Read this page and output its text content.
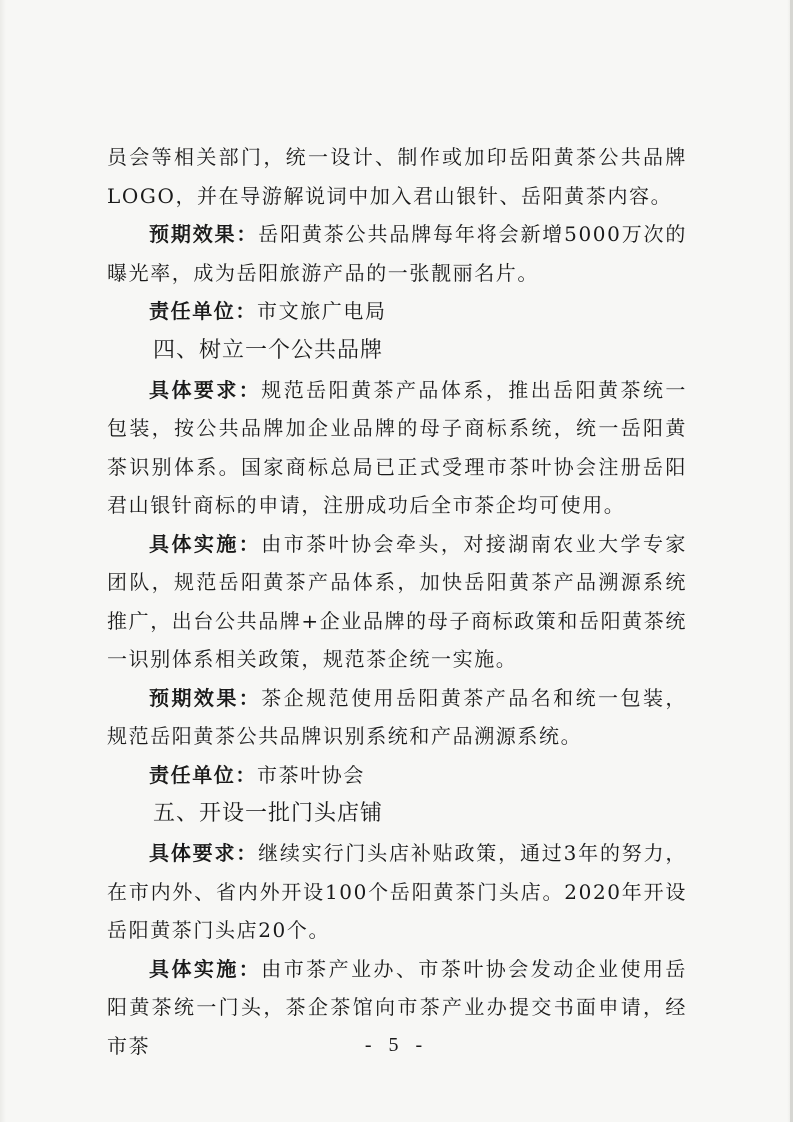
员会等相关部门，统一设计、制作或加印岳阳黄茶公共品牌LOGO，并在导游解说词中加入君山银针、岳阳黄茶内容。

预期效果：岳阳黄茶公共品牌每年将会新增5000万次的曝光率，成为岳阳旅游产品的一张靓丽名片。

责任单位：市文旅广电局

四、树立一个公共品牌

具体要求：规范岳阳黄茶产品体系，推出岳阳黄茶统一包装，按公共品牌加企业品牌的母子商标系统，统一岳阳黄茶识别体系。国家商标总局已正式受理市茶叶协会注册岳阳君山银针商标的申请，注册成功后全市茶企均可使用。

具体实施：由市茶叶协会牵头，对接湖南农业大学专家团队，规范岳阳黄茶产品体系，加快岳阳黄茶产品溯源系统推广，出台公共品牌+企业品牌的母子商标政策和岳阳黄茶统一识别体系相关政策，规范茶企统一实施。

预期效果：茶企规范使用岳阳黄茶产品名和统一包装，规范岳阳黄茶公共品牌识别系统和产品溯源系统。

责任单位：市茶叶协会

五、开设一批门头店铺

具体要求：继续实行门头店补贴政策，通过3年的努力，在市内外、省内外开设100个岳阳黄茶门头店。2020年开设岳阳黄茶门头店20个。

具体实施：由市茶产业办、市茶叶协会发动企业使用岳阳黄茶统一门头，茶企茶馆向市茶产业办提交书面申请，经市茶	- 5 -
